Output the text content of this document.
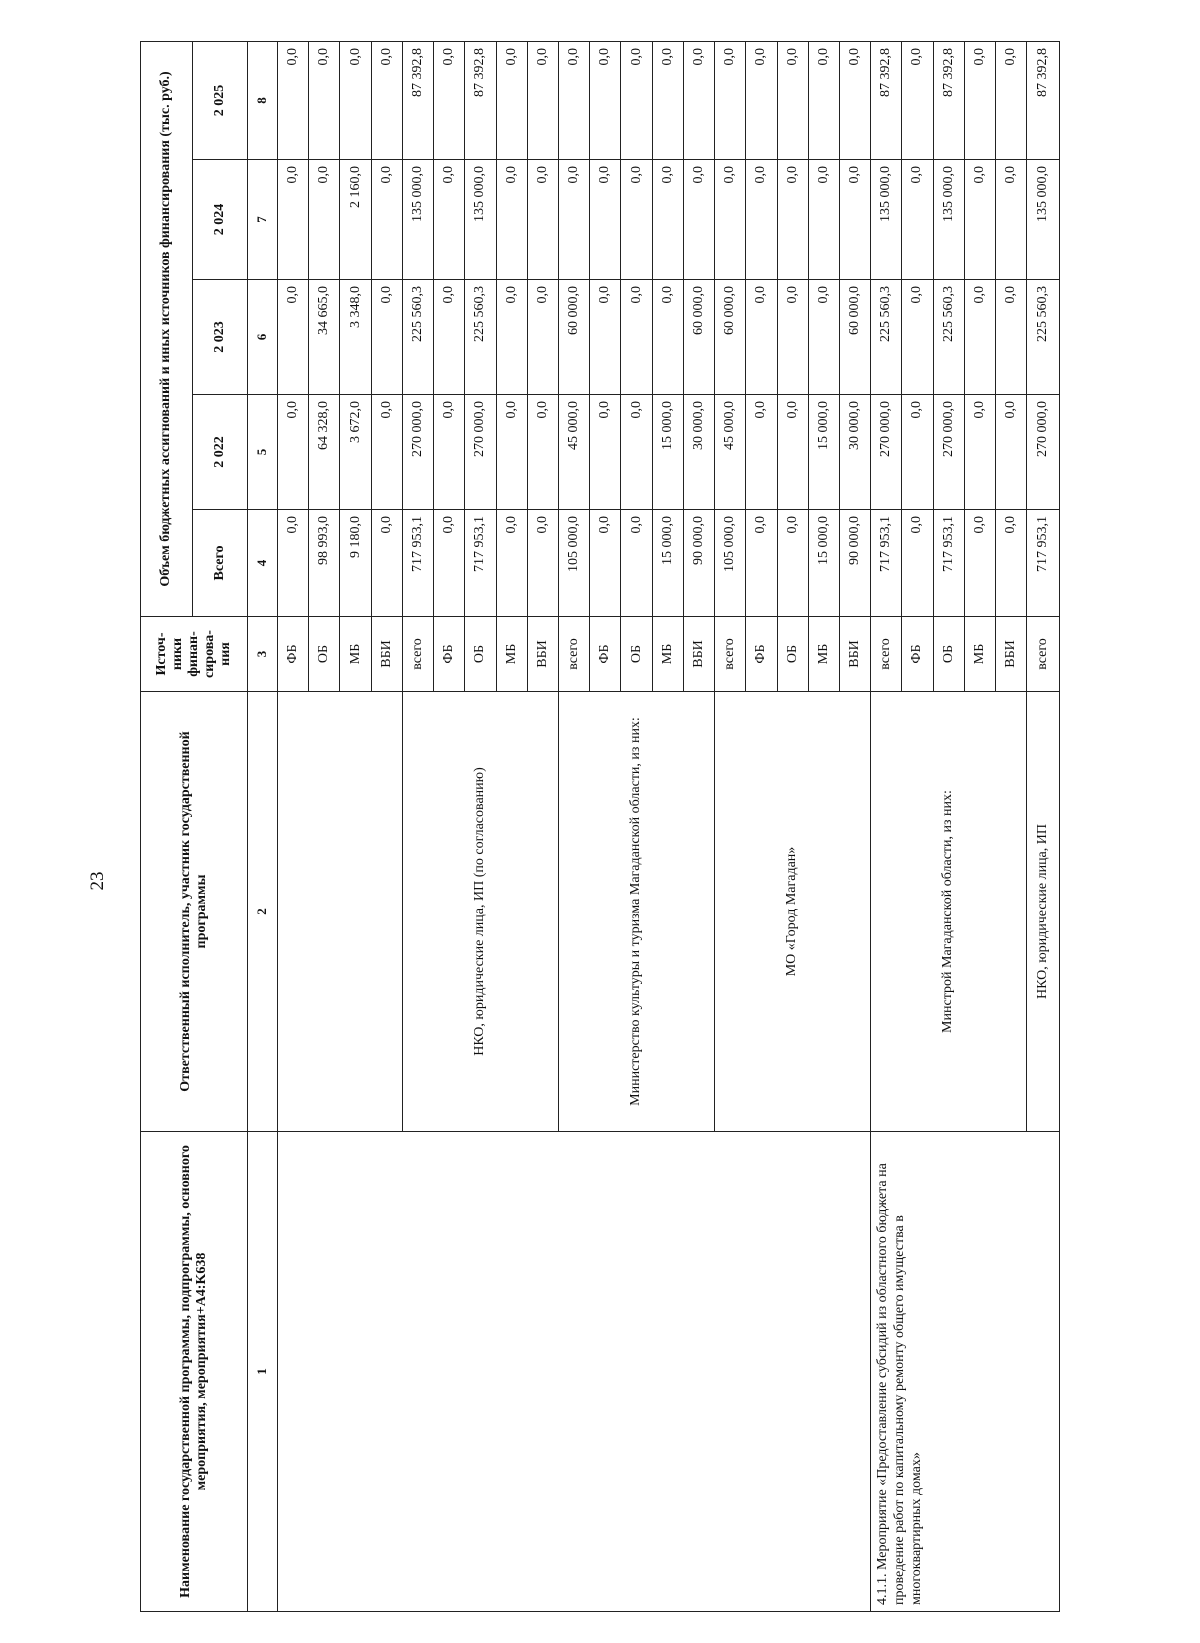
23
Наименование государственной программы, подпрограммы, основного мероприятия, мероприятия+A4:K638	Ответственный исполнитель, участник государственной программы	Источ-ники финан-сирова-ния	Объем бюджетных ассигнований и иных источников финансирования (тыс. руб.)				
			Всего	2 022	2 023	2 024	2 025
1	2	3	4	5	6	7	8
		ФБ	0,0	0,0	0,0	0,0	0,0
		ОБ	98 993,0	64 328,0	34 665,0	0,0	0,0
		МБ	9 180,0	3 672,0	3 348,0	2 160,0	0,0
		ВБИ	0,0	0,0	0,0	0,0	0,0
	НКО, юридические лица, ИП (по согласованию)	всего	717 953,1	270 000,0	225 560,3	135 000,0	87 392,8
		ФБ	0,0	0,0	0,0	0,0	0,0
		ОБ	717 953,1	270 000,0	225 560,3	135 000,0	87 392,8
		МБ	0,0	0,0	0,0	0,0	0,0
		ВБИ	0,0	0,0	0,0	0,0	0,0
	Министерство культуры и туризма Магаданской области, из них:	всего	105 000,0	45 000,0	60 000,0	0,0	0,0
		ФБ	0,0	0,0	0,0	0,0	0,0
		ОБ	0,0	0,0	0,0	0,0	0,0
		МБ	15 000,0	15 000,0	0,0	0,0	0,0
		ВБИ	90 000,0	30 000,0	60 000,0	0,0	0,0
	МО «Город Магадан»	всего	105 000,0	45 000,0	60 000,0	0,0	0,0
		ФБ	0,0	0,0	0,0	0,0	0,0
		ОБ	0,0	0,0	0,0	0,0	0,0
		МБ	15 000,0	15 000,0	0,0	0,0	0,0
		ВБИ	90 000,0	30 000,0	60 000,0	0,0	0,0
4.1.1. Мероприятие «Предоставление субсидий из областного бюджета на проведение работ по капитальному ремонту общего имущества в многоквартирных домах»	Минстрой Магаданской области, из них:	всего	717 953,1	270 000,0	225 560,3	135 000,0	87 392,8
		ФБ	0,0	0,0	0,0	0,0	0,0
		ОБ	717 953,1	270 000,0	225 560,3	135 000,0	87 392,8
		МБ	0,0	0,0	0,0	0,0	0,0
		ВБИ	0,0	0,0	0,0	0,0	0,0
	НКО, юридические лица, ИП	всего	717 953,1	270 000,0	225 560,3	135 000,0	87 392,8
